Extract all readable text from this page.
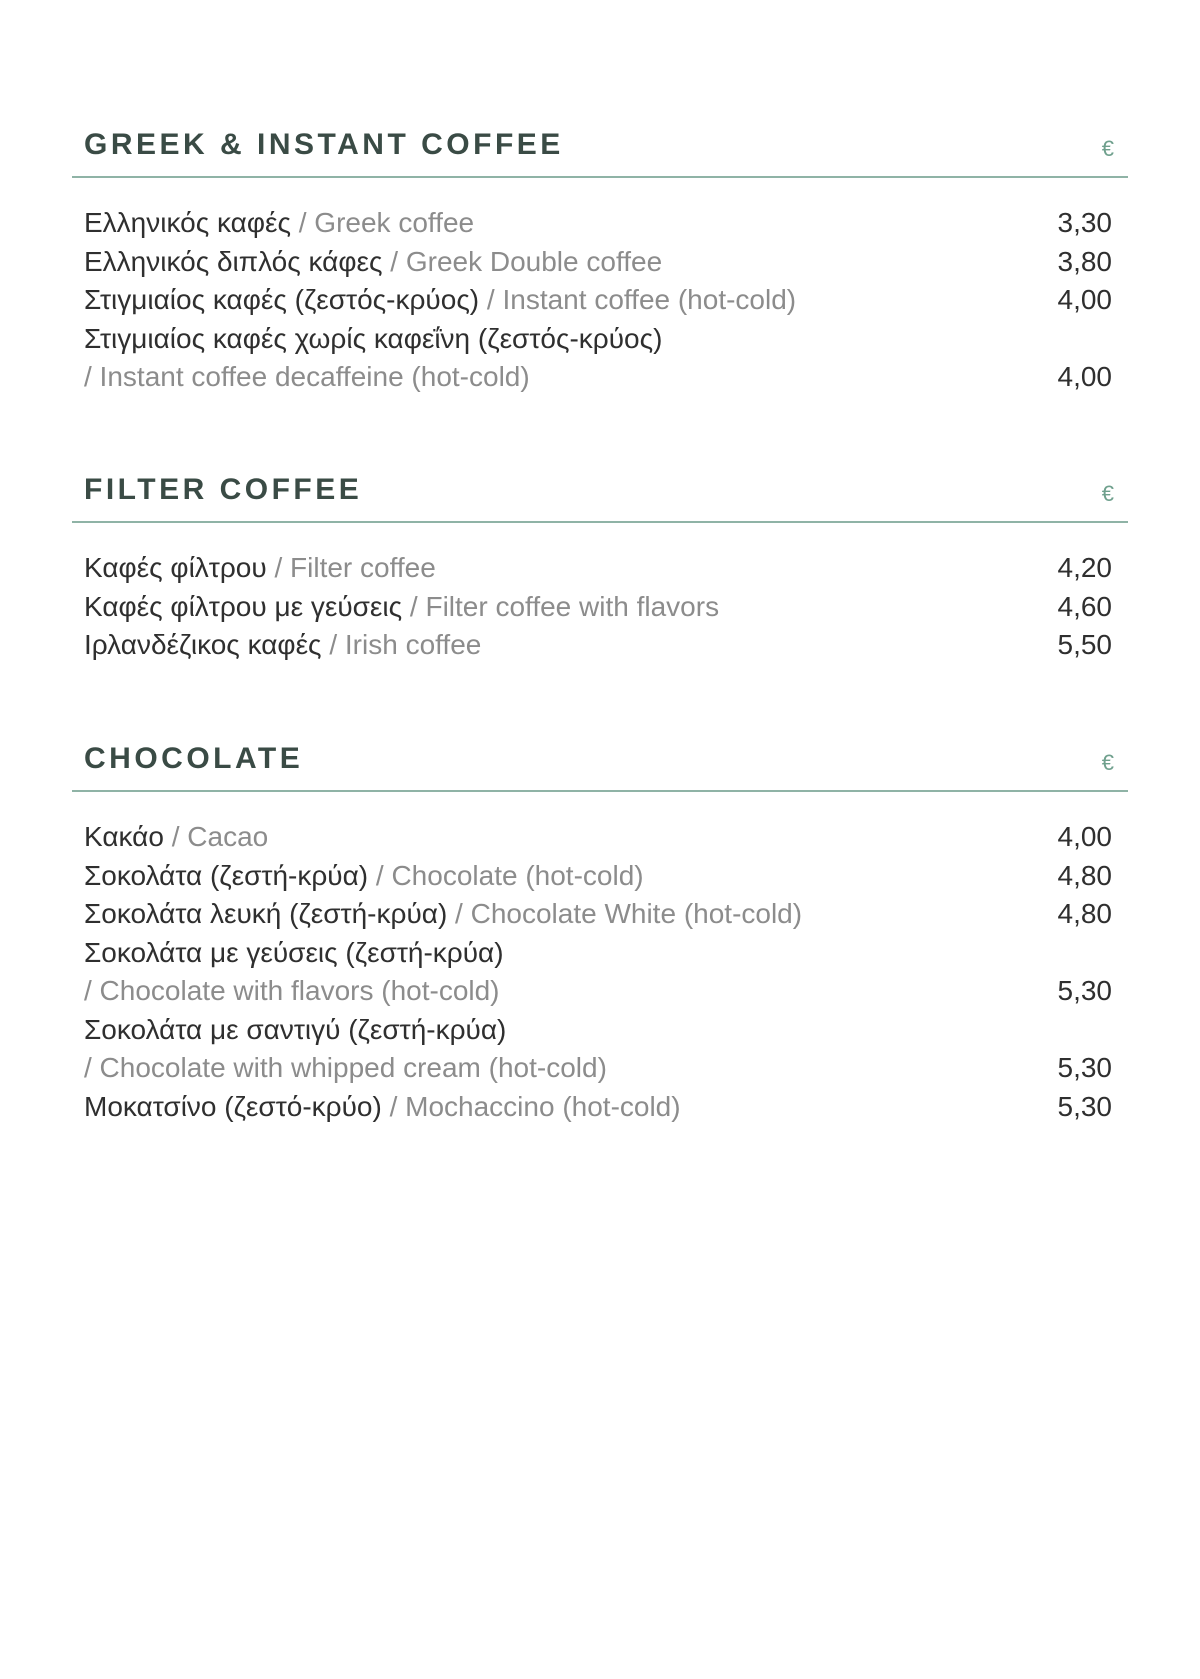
GREEK & INSTANT COFFEE	€
Ελληνικός καφές / Greek coffee	3,30
Ελληνικός διπλός κάφες / Greek Double coffee	3,80
Στιγμιαίος καφές (ζεστός-κρύος) / Instant coffee (hot-cold)	4,00
Στιγμιαίος καφές χωρίς καφεΐνη (ζεστός-κρύος)
/ Instant coffee decaffeine (hot-cold)	4,00
FILTER COFFEE	€
Καφές φίλτρου / Filter coffee	4,20
Καφές φίλτρου με γεύσεις / Filter coffee with flavors	4,60
Ιρλανδέζικος καφές / Irish coffee	5,50
CHOCOLATE	€
Κακάο / Cacao	4,00
Σοκολάτα (ζεστή-κρύα) / Chocolate (hot-cold)	4,80
Σοκολάτα λευκή (ζεστή-κρύα) / Chocolate White (hot-cold)	4,80
Σοκολάτα με γεύσεις (ζεστή-κρύα)
/ Chocolate with flavors (hot-cold)	5,30
Σοκολάτα με σαντιγύ (ζεστή-κρύα)
/ Chocolate with whipped cream (hot-cold)	5,30
Μοκατσίνο (ζεστό-κρύο) / Mochaccino (hot-cold)	5,30
